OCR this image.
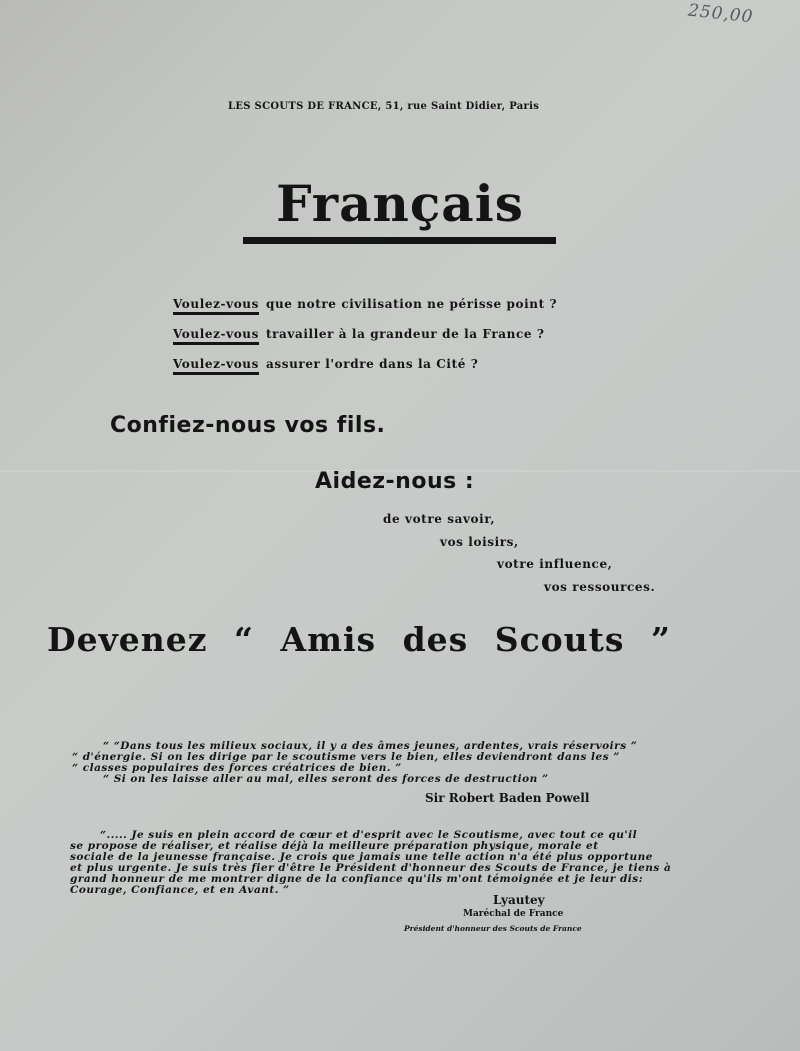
250,00
LES SCOUTS DE FRANCE, 51, rue Saint Didier, Paris
Français
Voulez-vous que notre civilisation ne périsse point ?
Voulez-vous travailler à la grandeur de la France ?
Voulez-vous assurer l'ordre dans la Cité ?
Confiez-nous vos fils.
Aidez-nous :
de votre savoir,
vos loisirs,
votre influence,
vos ressources.
Devenez “ Amis des Scouts ”
“ “Dans tous les milieux sociaux, il y a des âmes jeunes, ardentes, vrais réservoirs ”
“ d'énergie. Si on les dirige par le scoutisme vers le bien, elles deviendront dans les ”
“ classes populaires des forces créatrices de bien. ”
“ Si on les laisse aller au mal, elles seront des forces de destruction ”
Sir Robert Baden Powell
“..... Je suis en plein accord de cœur et d'esprit avec le Scoutisme, avec tout ce qu'il
se propose de réaliser, et réalise déjà la meilleure préparation physique, morale et
sociale de la jeunesse française. Je crois que jamais une telle action n'a été plus opportune
et plus urgente. Je suis très fier d'être le Président d'honneur des Scouts de France, je tiens à
grand honneur de me montrer digne de la confiance qu'ils m'ont témoignée et je leur dis:
Courage, Confiance, et en Avant. ”
Lyautey
Maréchal de France
Président d'honneur des Scouts de France
